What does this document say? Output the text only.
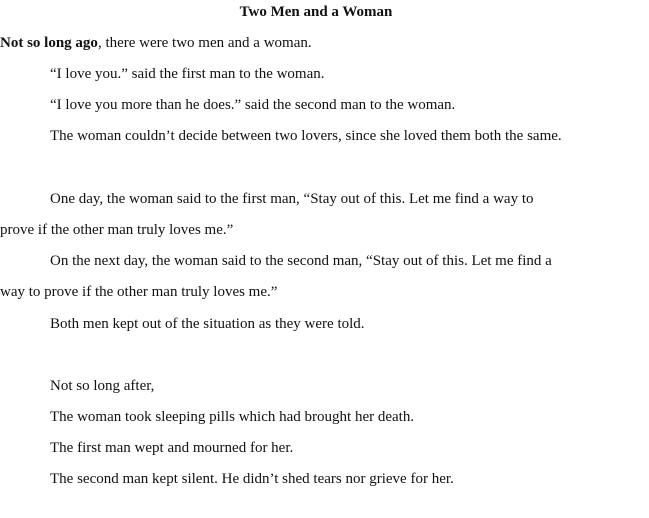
Two Men and a Woman
Not so long ago, there were two men and a woman.
“I love you.” said the first man to the woman.
“I love you more than he does.” said the second man to the woman.
The woman couldn’t decide between two lovers, since she loved them both the same.
One day, the woman said to the first man, “Stay out of this. Let me find a way to
prove if the other man truly loves me.”
On the next day, the woman said to the second man, “Stay out of this. Let me find a
way to prove if the other man truly loves me.”
Both men kept out of the situation as they were told.
Not so long after,
The woman took sleeping pills which had brought her death.
The first man wept and mourned for her.
The second man kept silent. He didn’t shed tears nor grieve for her.
